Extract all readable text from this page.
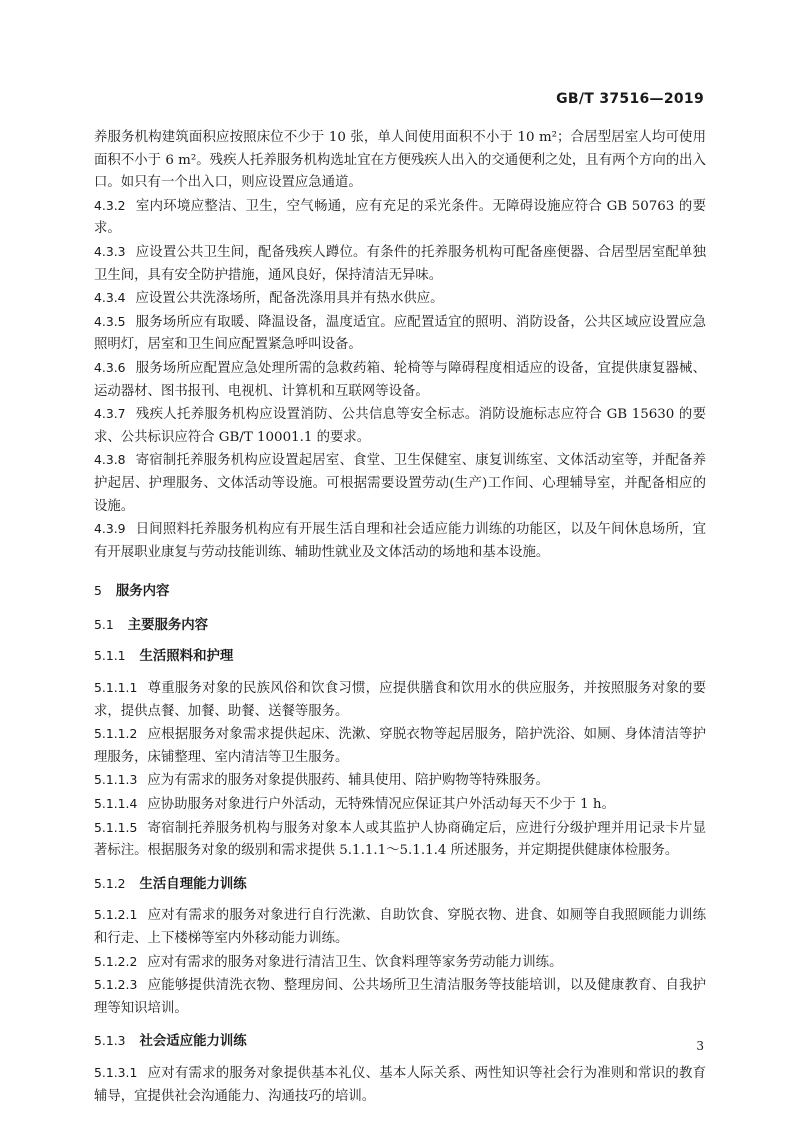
GB/T 37516—2019

养服务机构建筑面积应按照床位不少于 10 张，单人间使用面积不小于 10 m²；合居型居室人均可使用面积不小于 6 m²。残疾人托养服务机构选址宜在方便残疾人出入的交通便利之处，且有两个方向的出入口。如只有一个出入口，则应设置应急通道。

4.3.2 室内环境应整洁、卫生，空气畅通，应有充足的采光条件。无障碍设施应符合 GB 50763 的要求。

4.3.3 应设置公共卫生间，配备残疾人蹲位。有条件的托养服务机构可配备座便器、合居型居室配单独卫生间，具有安全防护措施，通风良好，保持清洁无异味。

4.3.4 应设置公共洗涤场所，配备洗涤用具并有热水供应。

4.3.5 服务场所应有取暖、降温设备，温度适宜。应配置适宜的照明、消防设备，公共区域应设置应急照明灯，居室和卫生间应配置紧急呼叫设备。

4.3.6 服务场所应配置应急处理所需的急救药箱、轮椅等与障碍程度相适应的设备，宜提供康复器械、运动器材、图书报刊、电视机、计算机和互联网等设备。

4.3.7 残疾人托养服务机构应设置消防、公共信息等安全标志。消防设施标志应符合 GB 15630 的要求、公共标识应符合 GB/T 10001.1 的要求。

4.3.8 寄宿制托养服务机构应设置起居室、食堂、卫生保健室、康复训练室、文体活动室等，并配备养护起居、护理服务、文体活动等设施。可根据需要设置劳动(生产)工作间、心理辅导室，并配备相应的设施。

4.3.9 日间照料托养服务机构应有开展生活自理和社会适应能力训练的功能区，以及午间休息场所，宜有开展职业康复与劳动技能训练、辅助性就业及文体活动的场地和基本设施。

5 服务内容
5.1 主要服务内容
5.1.1 生活照料和护理

5.1.1.1 尊重服务对象的民族风俗和饮食习惯，应提供膳食和饮用水的供应服务，并按照服务对象的要求，提供点餐、加餐、助餐、送餐等服务。

5.1.1.2 应根据服务对象需求提供起床、洗漱、穿脱衣物等起居服务，陪护洗浴、如厕、身体清洁等护理服务，床铺整理、室内清洁等卫生服务。

5.1.1.3 应为有需求的服务对象提供服药、辅具使用、陪护购物等特殊服务。

5.1.1.4 应协助服务对象进行户外活动，无特殊情况应保证其户外活动每天不少于 1 h。

5.1.1.5 寄宿制托养服务机构与服务对象本人或其监护人协商确定后，应进行分级护理并用记录卡片显著标注。根据服务对象的级别和需求提供 5.1.1.1～5.1.1.4 所述服务，并定期提供健康体检服务。

5.1.2 生活自理能力训练

5.1.2.1 应对有需求的服务对象进行自行洗漱、自助饮食、穿脱衣物、进食、如厕等自我照顾能力训练和行走、上下楼梯等室内外移动能力训练。

5.1.2.2 应对有需求的服务对象进行清洁卫生、饮食料理等家务劳动能力训练。

5.1.2.3 应能够提供清洗衣物、整理房间、公共场所卫生清洁服务等技能培训，以及健康教育、自我护理等知识培训。

5.1.3 社会适应能力训练

5.1.3.1 应对有需求的服务对象提供基本礼仪、基本人际关系、两性知识等社会行为准则和常识的教育辅导，宜提供社会沟通能力、沟通技巧的培训。

3
